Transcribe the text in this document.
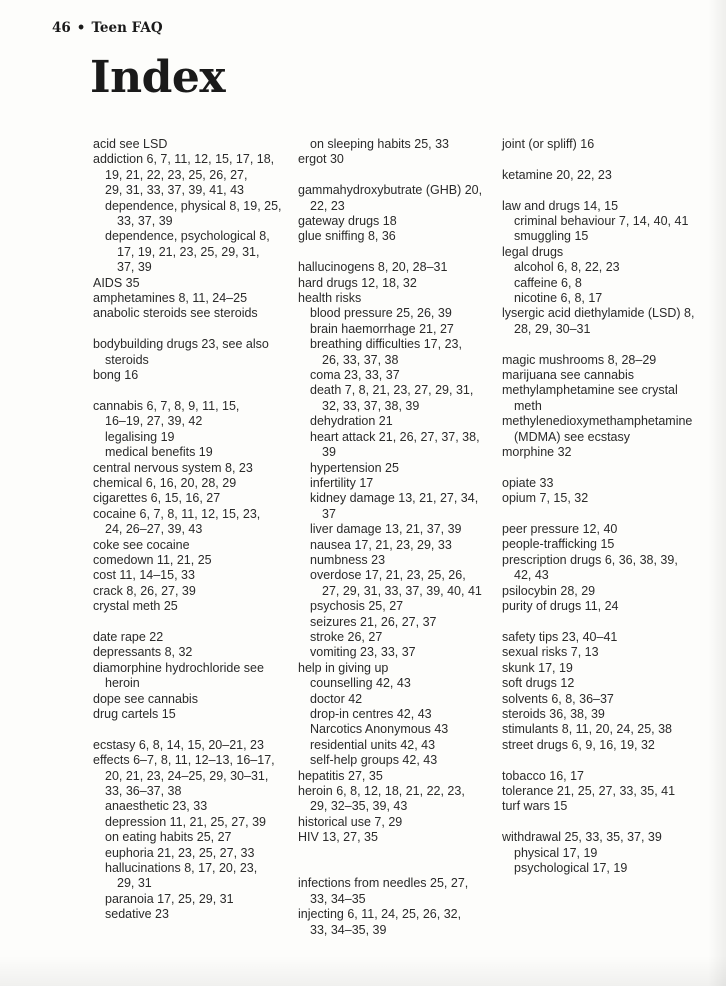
46 • Teen FAQ
Index
acid see LSD
addiction 6, 7, 11, 12, 15, 17, 18,
19, 21, 22, 23, 25, 26, 27,
29, 31, 33, 37, 39, 41, 43
dependence, physical 8, 19, 25,
33, 37, 39
dependence, psychological 8,
17, 19, 21, 23, 25, 29, 31,
37, 39
AIDS 35
amphetamines 8, 11, 24–25
anabolic steroids see steroids
bodybuilding drugs 23, see also
steroids
bong 16
cannabis 6, 7, 8, 9, 11, 15,
16–19, 27, 39, 42
legalising 19
medical benefits 19
central nervous system 8, 23
chemical 6, 16, 20, 28, 29
cigarettes 6, 15, 16, 27
cocaine 6, 7, 8, 11, 12, 15, 23,
24, 26–27, 39, 43
coke see cocaine
comedown 11, 21, 25
cost 11, 14–15, 33
crack 8, 26, 27, 39
crystal meth 25
date rape 22
depressants 8, 32
diamorphine hydrochloride see
heroin
dope see cannabis
drug cartels 15
ecstasy 6, 8, 14, 15, 20–21, 23
effects 6–7, 8, 11, 12–13, 16–17,
20, 21, 23, 24–25, 29, 30–31,
33, 36–37, 38
anaesthetic 23, 33
depression 11, 21, 25, 27, 39
on eating habits 25, 27
euphoria 21, 23, 25, 27, 33
hallucinations 8, 17, 20, 23,
29, 31
paranoia 17, 25, 29, 31
sedative 23
on sleeping habits 25, 33
ergot 30
gammahydroxybutrate (GHB) 20,
22, 23
gateway drugs 18
glue sniffing 8, 36
hallucinogens 8, 20, 28–31
hard drugs 12, 18, 32
health risks
blood pressure 25, 26, 39
brain haemorrhage 21, 27
breathing difficulties 17, 23,
26, 33, 37, 38
coma 23, 33, 37
death 7, 8, 21, 23, 27, 29, 31,
32, 33, 37, 38, 39
dehydration 21
heart attack 21, 26, 27, 37, 38,
39
hypertension 25
infertility 17
kidney damage 13, 21, 27, 34,
37
liver damage 13, 21, 37, 39
nausea 17, 21, 23, 29, 33
numbness 23
overdose 17, 21, 23, 25, 26,
27, 29, 31, 33, 37, 39, 40, 41
psychosis 25, 27
seizures 21, 26, 27, 37
stroke 26, 27
vomiting 23, 33, 37
help in giving up
counselling 42, 43
doctor 42
drop-in centres 42, 43
Narcotics Anonymous 43
residential units 42, 43
self-help groups 42, 43
hepatitis 27, 35
heroin 6, 8, 12, 18, 21, 22, 23,
29, 32–35, 39, 43
historical use 7, 29
HIV 13, 27, 35
infections from needles 25, 27,
33, 34–35
injecting 6, 11, 24, 25, 26, 32,
33, 34–35, 39
joint (or spliff) 16
ketamine 20, 22, 23
law and drugs 14, 15
criminal behaviour 7, 14, 40, 41
smuggling 15
legal drugs
alcohol 6, 8, 22, 23
caffeine 6, 8
nicotine 6, 8, 17
lysergic acid diethylamide (LSD) 8,
28, 29, 30–31
magic mushrooms 8, 28–29
marijuana see cannabis
methylamphetamine see crystal
meth
methylenedioxymethamphetamine
(MDMA) see ecstasy
morphine 32
opiate 33
opium 7, 15, 32
peer pressure 12, 40
people-trafficking 15
prescription drugs 6, 36, 38, 39,
42, 43
psilocybin 28, 29
purity of drugs 11, 24
safety tips 23, 40–41
sexual risks 7, 13
skunk 17, 19
soft drugs 12
solvents 6, 8, 36–37
steroids 36, 38, 39
stimulants 8, 11, 20, 24, 25, 38
street drugs 6, 9, 16, 19, 32
tobacco 16, 17
tolerance 21, 25, 27, 33, 35, 41
turf wars 15
withdrawal 25, 33, 35, 37, 39
physical 17, 19
psychological 17, 19
